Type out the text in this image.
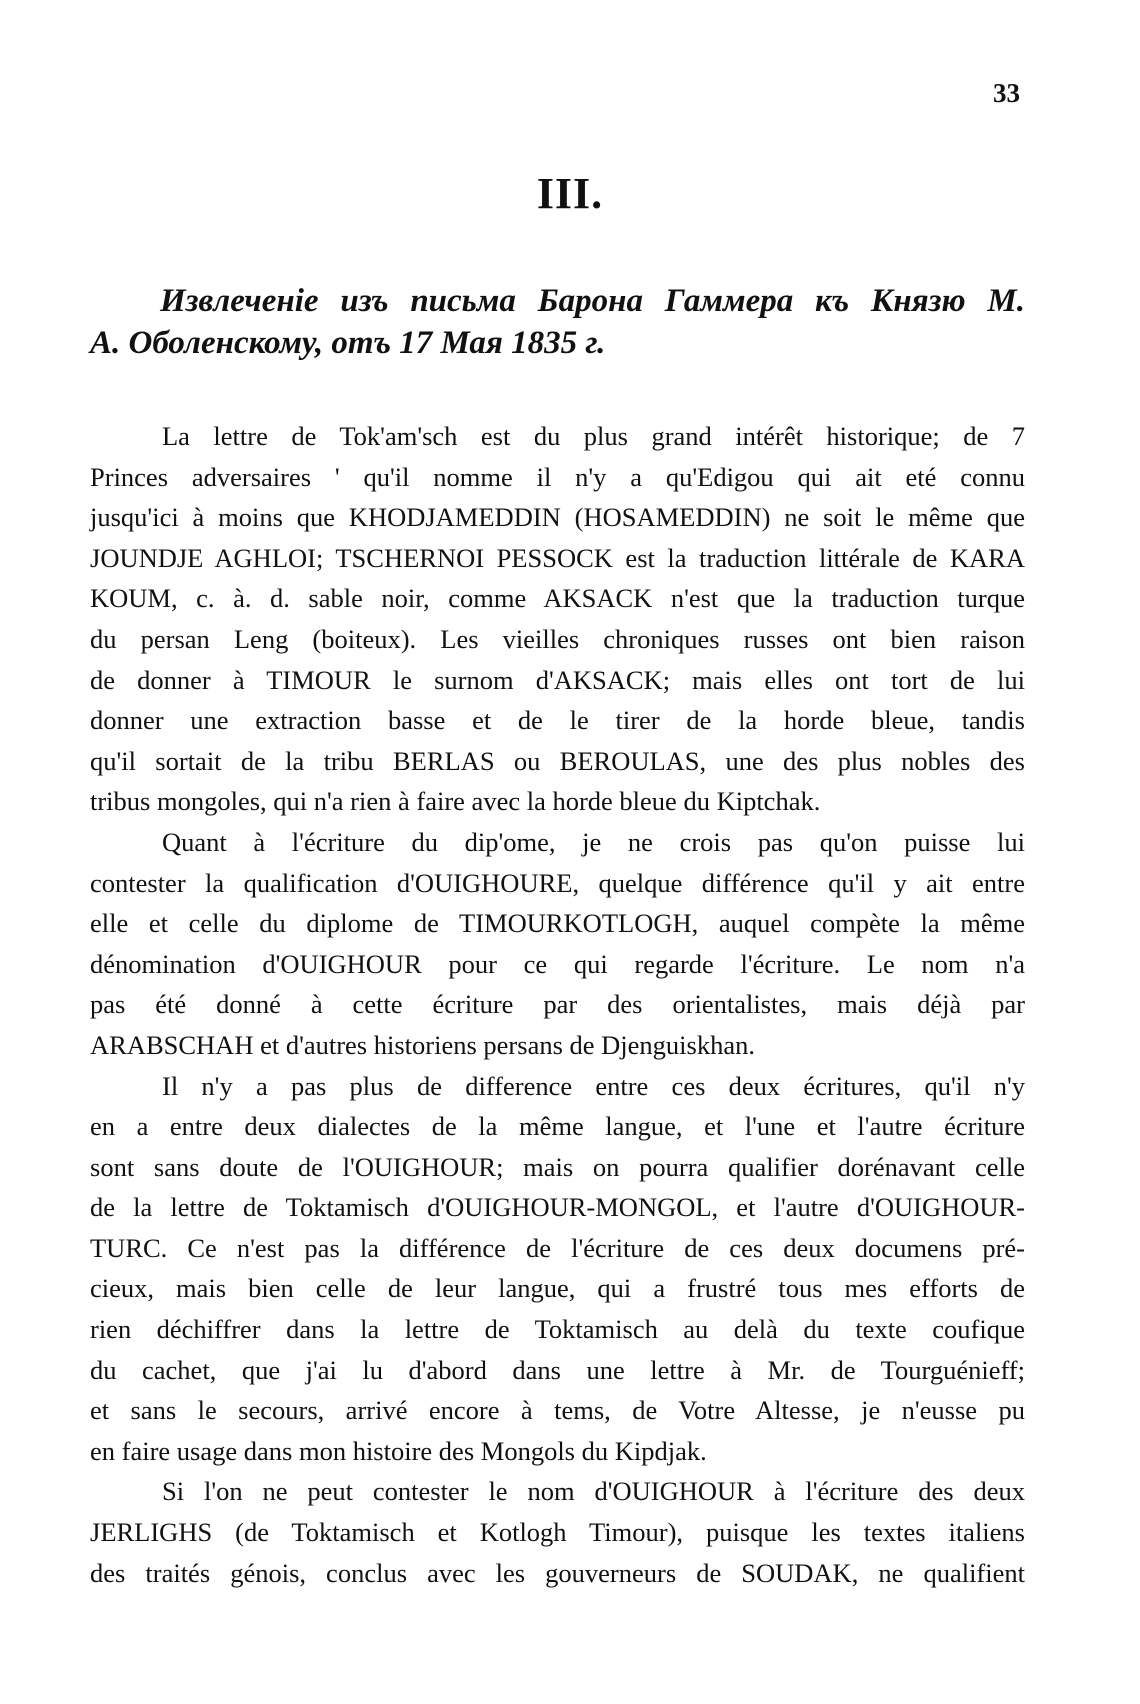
33
III.
Извлеченіе изъ письма Барона Гаммера къ Князю М.
А. Оболенскому, отъ 17 Мая 1835 г.
La lettre de Tok'am'sch est du plus grand intérêt historique; de 7
Princes adversaires ' qu'il nomme il n'y a qu'Edigou qui ait eté connu
jusqu'ici à moins que KHODJAMEDDIN (HOSAMEDDIN) ne soit le même que
JOUNDJE AGHLOI; TSCHERNOI PESSOCK est la traduction littérale de KARA
KOUM, c. à. d. sable noir, comme AKSACK n'est que la traduction turque
du persan Leng (boiteux). Les vieilles chroniques russes ont bien raison
de donner à TIMOUR le surnom d'AKSACK; mais elles ont tort de lui
donner une extraction basse et de le tirer de la horde bleue, tandis
qu'il sortait de la tribu BERLAS ou BEROULAS, une des plus nobles des
tribus mongoles, qui n'a rien à faire avec la horde bleue du Kiptchak.
Quant à l'écriture du dip'ome, je ne crois pas qu'on puisse lui
contester la qualification d'OUIGHOURE, quelque différence qu'il y ait entre
elle et celle du diplome de TIMOURKOTLOGH, auquel compète la même
dénomination d'OUIGHOUR pour ce qui regarde l'écriture. Le nom n'a
pas été donné à cette écriture par des orientalistes, mais déjà par
ARABSCHAH et d'autres historiens persans de Djenguiskhan.
Il n'y a pas plus de difference entre ces deux écritures, qu'il n'y
en a entre deux dialectes de la même langue, et l'une et l'autre écriture
sont sans doute de l'OUIGHOUR; mais on pourra qualifier dorénavant celle
de la lettre de Toktamisch d'OUIGHOUR-MONGOL, et l'autre d'OUIGHOUR-
TURC. Ce n'est pas la différence de l'écriture de ces deux documens pré-
cieux, mais bien celle de leur langue, qui a frustré tous mes efforts de
rien déchiffrer dans la lettre de Toktamisch au delà du texte coufique
du cachet, que j'ai lu d'abord dans une lettre à Mr. de Tourguénieff;
et sans le secours, arrivé encore à tems, de Votre Altesse, je n'eusse pu
en faire usage dans mon histoire des Mongols du Kipdjak.
Si l'on ne peut contester le nom d'OUIGHOUR à l'écriture des deux
JERLIGHS (de Toktamisch et Kotlogh Timour), puisque les textes italiens
des traités génois, conclus avec les gouverneurs de SOUDAK, ne qualifient
